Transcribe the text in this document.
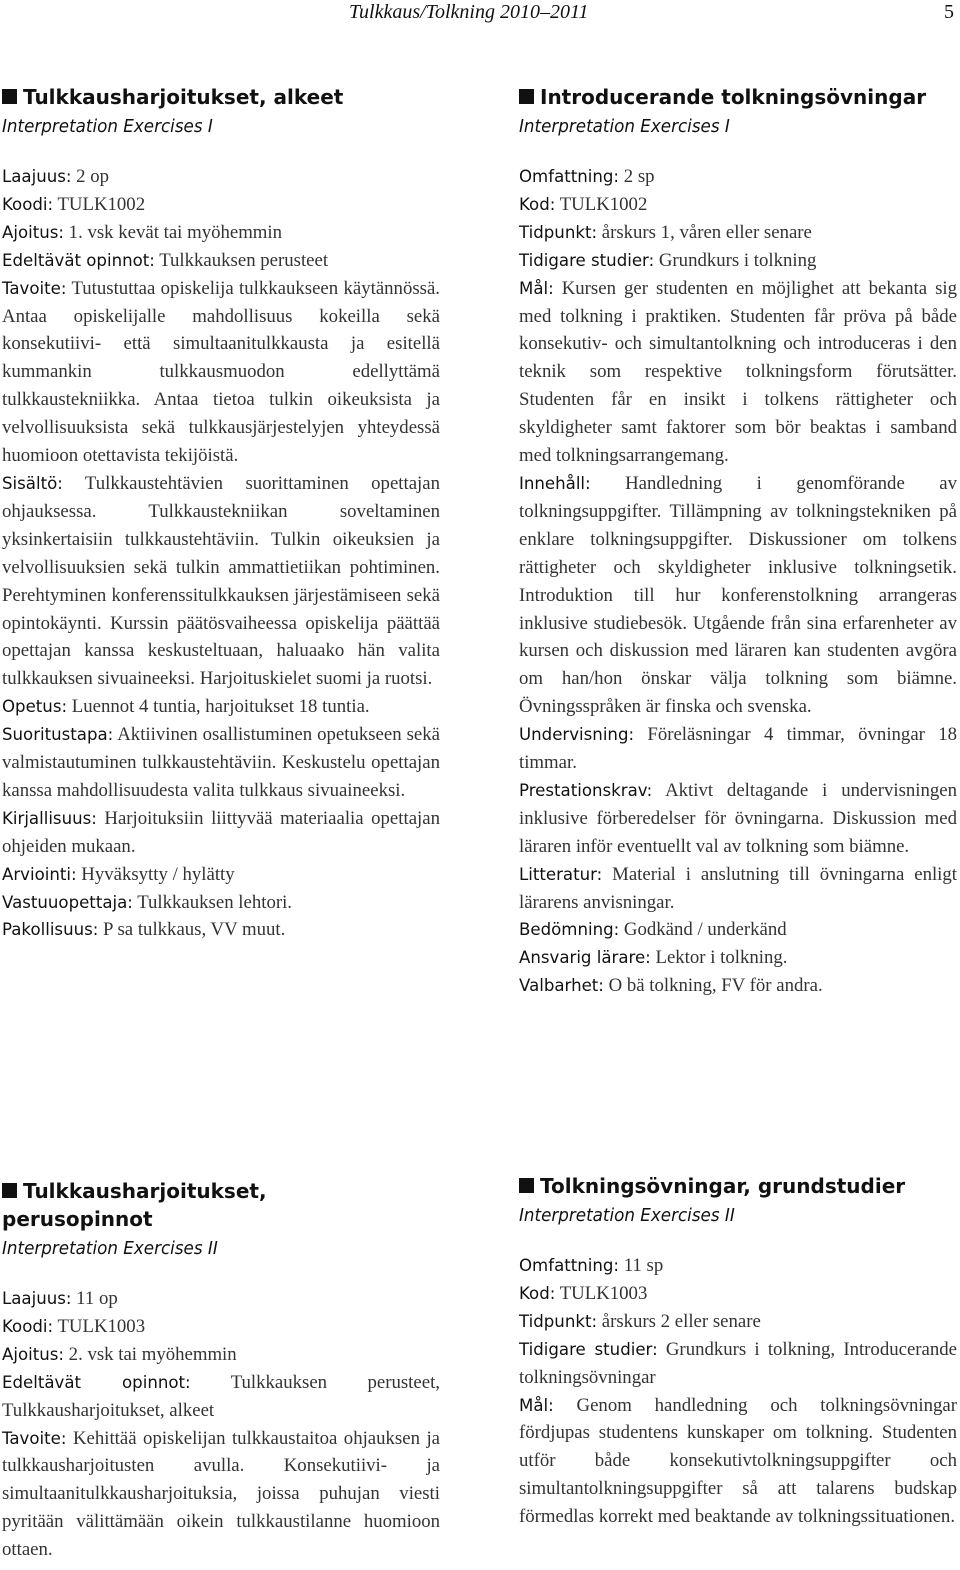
Tulkkaus/Tolkning 2010–2011	5
Tulkkausharjoitukset, alkeet
Interpretation Exercises I

Laajuus: 2 op

Koodi: TULK1002

Ajoitus: 1. vsk kevät tai myöhemmin

Edeltävät opinnot: Tulkkauksen perusteet

Tavoite: Tutustuttaa opiskelija tulkkaukseen käytännössä. Antaa opiskelijalle mahdollisuus kokeilla sekä konsekutiivi- että simultaanitulkkausta ja esitellä kummankin tulkkausmuodon edellyttämä tulkkaustekniikka. Antaa tietoa tulkin oikeuksista ja velvollisuuksista sekä tulkkausjärjestelyjen yhteydessä huomioon otettavista tekijöistä.

Sisältö: Tulkkaustehtävien suorittaminen opettajan ohjauksessa. Tulkkaustekniikan soveltaminen yksinkertaisiin tulkkaustehtäviin. Tulkin oikeuksien ja velvollisuuksien sekä tulkin ammattietiikan pohtiminen. Perehtyminen konferenssitulkkauksen järjestämiseen sekä opintokäynti. Kurssin päätösvaiheessa opiskelija päättää opettajan kanssa keskusteltuaan, haluaako hän valita tulkkauksen sivuaineeksi. Harjoituskielet suomi ja ruotsi.

Opetus: Luennot 4 tuntia, harjoitukset 18 tuntia.

Suoritustapa: Aktiivinen osallistuminen opetukseen sekä valmistautuminen tulkkaustehtäviin. Keskustelu opettajan kanssa mahdollisuudesta valita tulkkaus sivuaineeksi.

Kirjallisuus: Harjoituksiin liittyvää materiaalia opettajan ohjeiden mukaan.

Arviointi: Hyväksytty / hylätty

Vastuuopettaja: Tulkkauksen lehtori.

Pakollisuus: P sa tulkkaus, VV muut.

Introducerande tolkningsövningar
Interpretation Exercises I

Omfattning: 2 sp

Kod: TULK1002

Tidpunkt: årskurs 1, våren eller senare

Tidigare studier: Grundkurs i tolkning

Mål: Kursen ger studenten en möjlighet att bekanta sig med tolkning i praktiken. Studenten får pröva på både konsekutiv- och simultantolkning och introduceras i den teknik som respektive tolkningsform förutsätter. Studenten får en insikt i tolkens rättigheter och skyldigheter samt faktorer som bör beaktas i samband med tolkningsarrangemang.

Innehåll: Handledning i genomförande av tolkningsuppgifter. Tillämpning av tolkningstekniken på enklare tolkningsuppgifter. Diskussioner om tolkens rättigheter och skyldigheter inklusive tolkningsetik. Introduktion till hur konferenstolkning arrangeras inklusive studiebesök. Utgående från sina erfarenheter av kursen och diskussion med läraren kan studenten avgöra om han/hon önskar välja tolkning som biämne. Övningsspråken är finska och svenska.

Undervisning: Föreläsningar 4 timmar, övningar 18 timmar.

Prestationskrav: Aktivt deltagande i undervisningen inklusive förberedelser för övningarna. Diskussion med läraren inför eventuellt val av tolkning som biämne.

Litteratur: Material i anslutning till övningarna enligt lärarens anvisningar.

Bedömning: Godkänd / underkänd

Ansvarig lärare: Lektor i tolkning.

Valbarhet: O bä tolkning, FV för andra.

Tulkkausharjoitukset,
perusopinnot
Interpretation Exercises II

Laajuus: 11 op

Koodi: TULK1003

Ajoitus: 2. vsk tai myöhemmin

Edeltävät opinnot: Tulkkauksen perusteet, Tulkkausharjoitukset, alkeet

Tavoite: Kehittää opiskelijan tulkkaustaitoa ohjauksen ja tulkkausharjoitusten avulla. Konsekutiivi- ja simultaanitulkkausharjoituksia, joissa puhujan viesti pyritään välittämään oikein tulkkaustilanne huomioon ottaen.

Tolkningsövningar, grundstudier
Interpretation Exercises II

Omfattning: 11 sp

Kod: TULK1003

Tidpunkt: årskurs 2 eller senare

Tidigare studier: Grundkurs i tolkning, Introducerande tolkningsövningar

Mål: Genom handledning och tolkningsövningar fördjupas studentens kunskaper om tolkning. Studenten utför både konsekutivtolkningsuppgifter och simultantolkningsuppgifter så att talarens budskap förmedlas korrekt med beaktande av tolkningssituationen.
